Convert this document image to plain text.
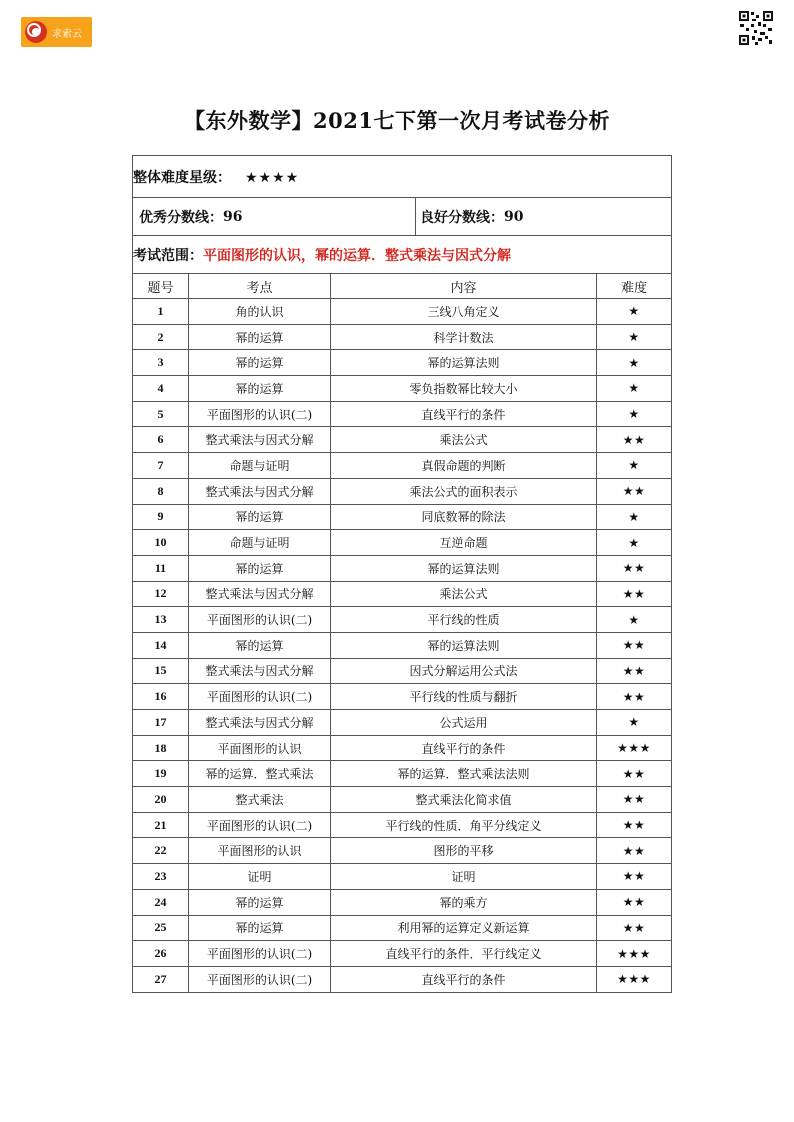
求索云
【东外数学】2021七下第一次月考试卷分析
整体难度星级： ★★★★			

优秀分数线： 96 良好分数线： 90			

考试范围：平面图形的认识，幂的运算．整式乘法与因式分解			
题号	考点	内容	难度
1	角的认识	三线八角定义	★
2	幂的运算	科学计数法	★
3	幂的运算	幂的运算法则	★
4	幂的运算	零负指数幂比较大小	★
5	平面图形的认识(二)	直线平行的条件	★
6	整式乘法与因式分解	乘法公式	★★
7	命题与证明	真假命题的判断	★
8	整式乘法与因式分解	乘法公式的面积表示	★★
9	幂的运算	同底数幂的除法	★
10	命题与证明	互逆命题	★
11	幂的运算	幂的运算法则	★★
12	整式乘法与因式分解	乘法公式	★★
13	平面图形的认识(二)	平行线的性质	★
14	幂的运算	幂的运算法则	★★
15	整式乘法与因式分解	因式分解运用公式法	★★
16	平面图形的认识(二)	平行线的性质与翻折	★★
17	整式乘法与因式分解	公式运用	★
18	平面图形的认识	直线平行的条件	★★★
19	幂的运算．整式乘法	幂的运算．整式乘法法则	★★
20	整式乘法	整式乘法化简求值	★★
21	平面图形的认识(二)	平行线的性质．角平分线定义	★★
22	平面图形的认识	图形的平移	★★
23	证明	证明	★★
24	幂的运算	幂的乘方	★★
25	幂的运算	利用幂的运算定义新运算	★★
26	平面图形的认识(二)	直线平行的条件．平行线定义	★★★
27	平面图形的认识(二)	直线平行的条件	★★★
